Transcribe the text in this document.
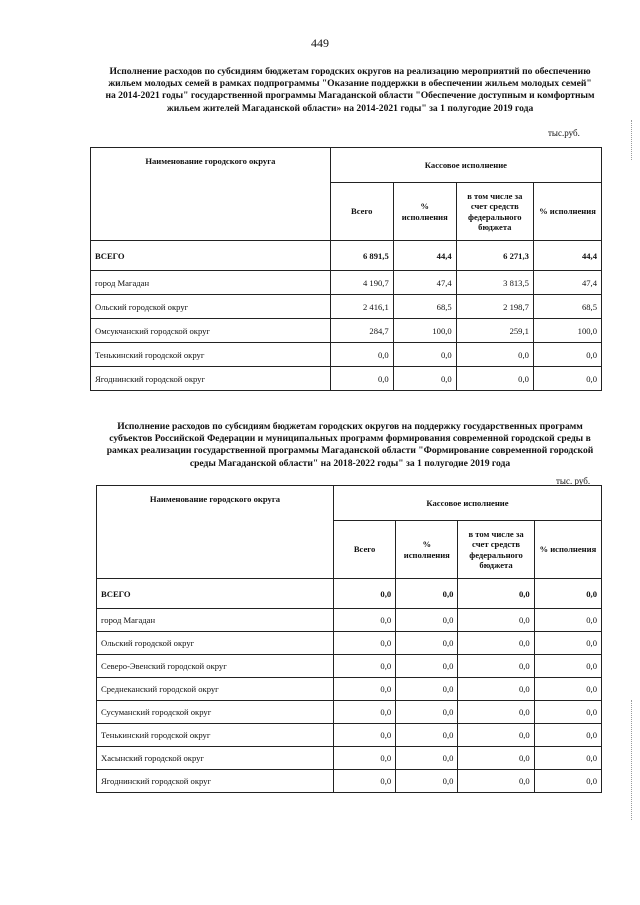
449
Исполнение расходов по субсидиям бюджетам городских округов на реализацию мероприятий по обеспечению
жильем молодых семей в рамках подпрограммы "Оказание поддержки в обеспечении жильем молодых семей"
на 2014-2021 годы" государственной программы Магаданской области "Обеспечение доступным и комфортным
жильем жителей Магаданской области» на 2014-2021 годы" за 1 полугодие 2019 года
тыс.руб.
Наименование городского округа	Кассовое исполнение			
	Всего	% исполнения	в том числе за счет средств федерального бюджета	% исполнения
ВСЕГО	6 891,5	44,4	6 271,3	44,4
город Магадан	4 190,7	47,4	3 813,5	47,4
Ольский городской округ	2 416,1	68,5	2 198,7	68,5
Омсукчанский городской округ	284,7	100,0	259,1	100,0
Тенькинский городской округ	0,0	0,0	0,0	0,0
Ягоднинский городской округ	0,0	0,0	0,0	0,0
Исполнение расходов по субсидиям бюджетам городских округов на поддержку государственных программ
субъектов Российской Федерации и муниципальных программ формирования современной городской среды в
рамках реализации государственной программы Магаданской области "Формирование современной городской
среды Магаданской области" на 2018-2022 годы" за 1 полугодие 2019 года
тыс. руб.
Наименование городского округа	Кассовое исполнение			
	Всего	% исполнения	в том числе за счет средств федерального бюджета	% исполнения
ВСЕГО	0,0	0,0	0,0	0,0
город Магадан	0,0	0,0	0,0	0,0
Ольский городской округ	0,0	0,0	0,0	0,0
Северо-Эвенский городской округ	0,0	0,0	0,0	0,0
Среднеканский городской округ	0,0	0,0	0,0	0,0
Сусуманский городской округ	0,0	0,0	0,0	0,0
Тенькинский городской округ	0,0	0,0	0,0	0,0
Хасынский городской округ	0,0	0,0	0,0	0,0
Ягоднинский городской округ	0,0	0,0	0,0	0,0
